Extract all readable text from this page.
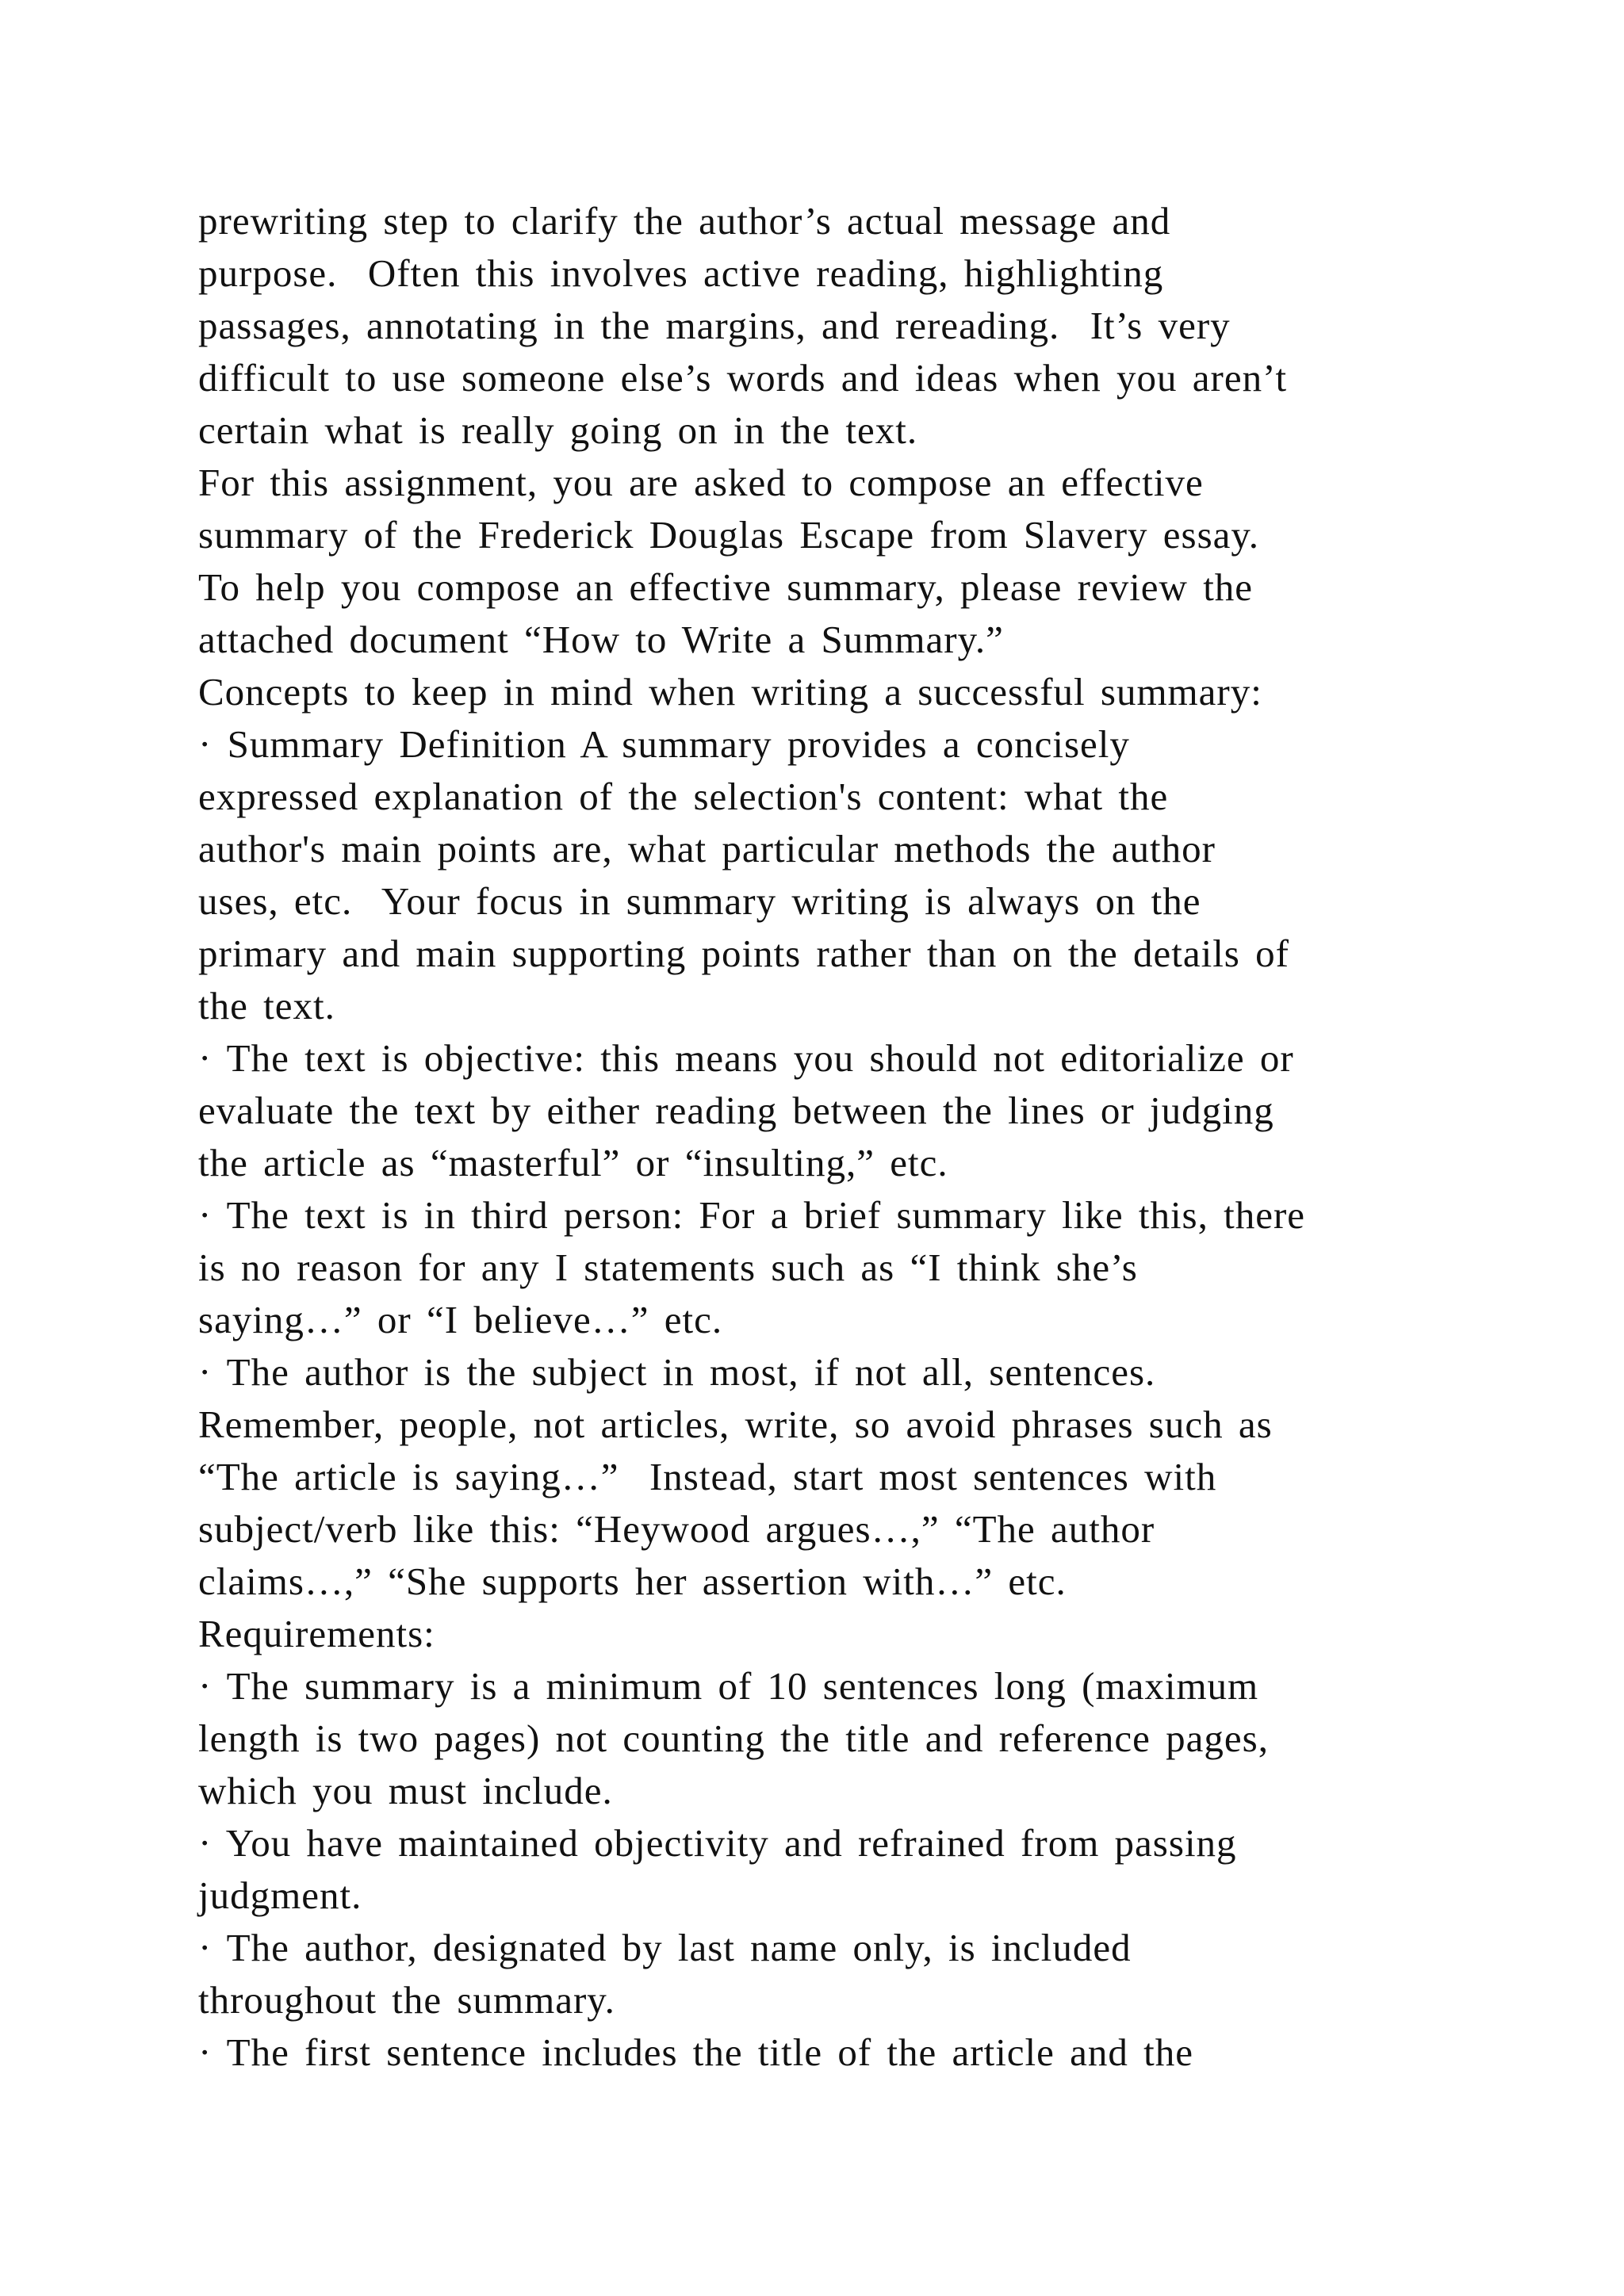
prewriting step to clarify the author’s actual message and
purpose.  Often this involves active reading, highlighting
passages, annotating in the margins, and rereading.  It’s very
difficult to use someone else’s words and ideas when you aren’t
certain what is really going on in the text.
For this assignment, you are asked to compose an effective
summary of the Frederick Douglas Escape from Slavery essay.
To help you compose an effective summary, please review the
attached document “How to Write a Summary.”
Concepts to keep in mind when writing a successful summary:
· Summary Definition A summary provides a concisely
expressed explanation of the selection's content: what the
author's main points are, what particular methods the author
uses, etc.  Your focus in summary writing is always on the
primary and main supporting points rather than on the details of
the text.
· The text is objective: this means you should not editorialize or
evaluate the text by either reading between the lines or judging
the article as “masterful” or “insulting,” etc.
· The text is in third person: For a brief summary like this, there
is no reason for any I statements such as “I think she’s
saying…” or “I believe…” etc.
· The author is the subject in most, if not all, sentences.
Remember, people, not articles, write, so avoid phrases such as
“The article is saying…”  Instead, start most sentences with
subject/verb like this: “Heywood argues…,” “The author
claims…,” “She supports her assertion with…” etc.
Requirements:
· The summary is a minimum of 10 sentences long (maximum
length is two pages) not counting the title and reference pages,
which you must include.
· You have maintained objectivity and refrained from passing
judgment.
· The author, designated by last name only, is included
throughout the summary.
· The first sentence includes the title of the article and the
